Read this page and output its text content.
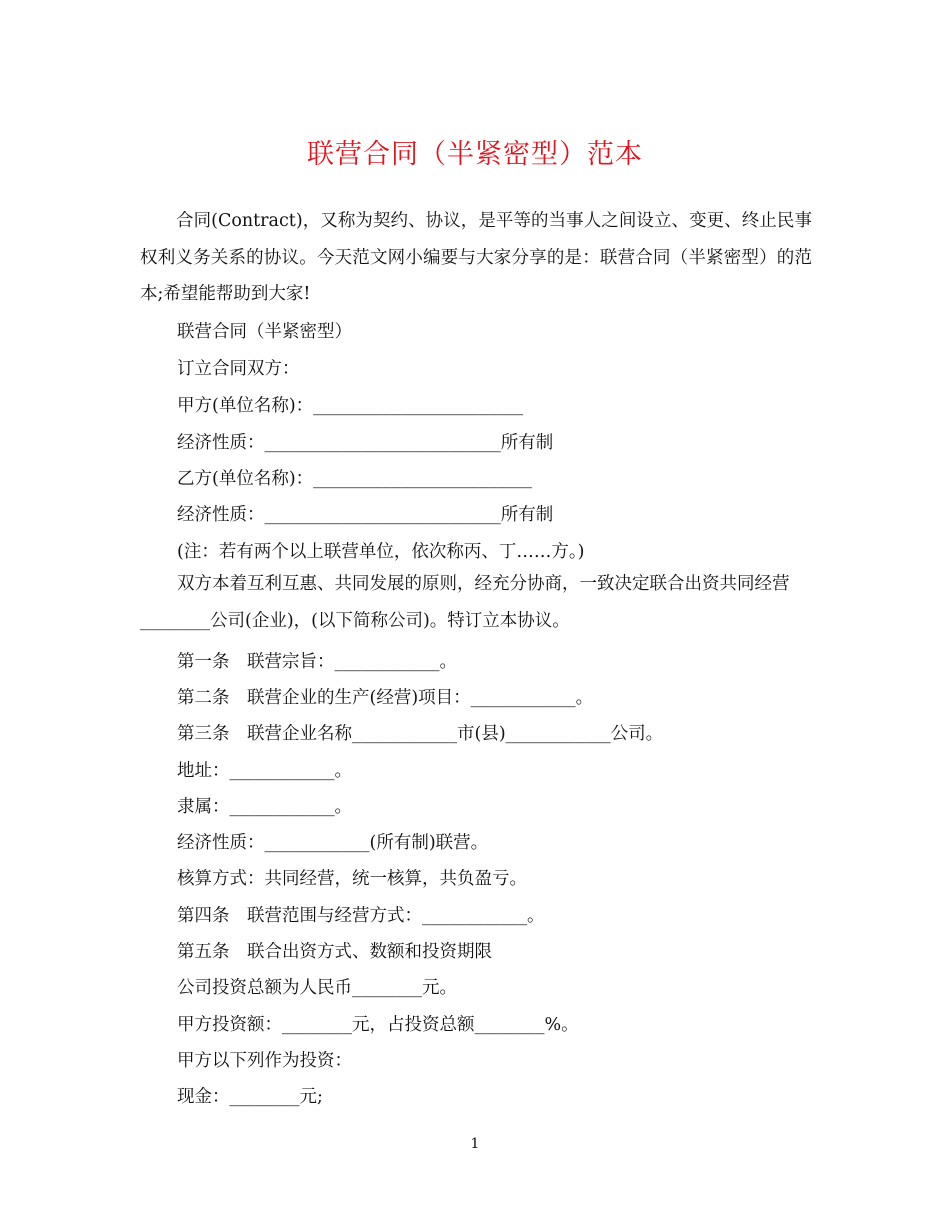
联营合同（半紧密型）范本

合同(Contract)，又称为契约、协议，是平等的当事人之间设立、变更、终止民事权利义务关系的协议。今天范文网小编要与大家分享的是：联营合同（半紧密型）的范本;希望能帮助到大家!

联营合同（半紧密型）

订立合同双方：

甲方(单位名称)：________________________

经济性质：___________________________所有制

乙方(单位名称)：_________________________

经济性质：___________________________所有制

(注：若有两个以上联营单位，依次称丙、丁……方。)

双方本着互利互惠、共同发展的原则，经充分协商，一致决定联合出资共同经营________公司(企业)，(以下简称公司)。特订立本协议。

第一条　联营宗旨：____________。

第二条　联营企业的生产(经营)项目：____________。

第三条　联营企业名称____________市(县)____________公司。

地址：____________。

隶属：____________。

经济性质：____________(所有制)联营。

核算方式：共同经营，统一核算，共负盈亏。

第四条　联营范围与经营方式：____________。

第五条　联合出资方式、数额和投资期限

公司投资总额为人民币________元。

甲方投资额：________元，占投资总额________%。

甲方以下列作为投资：

现金：________元;

1
